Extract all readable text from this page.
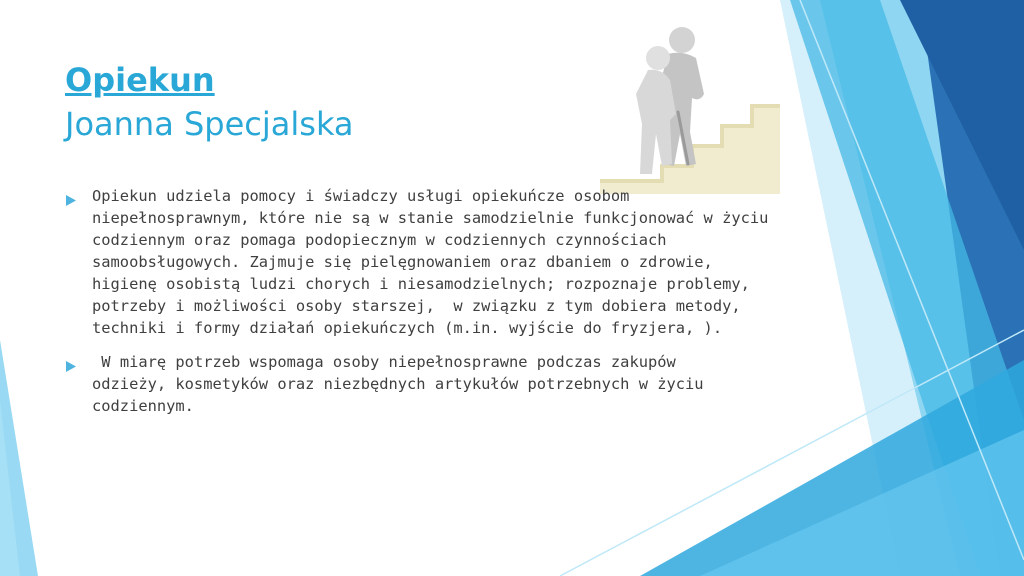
Opiekun
Joanna Specjalska
Opiekun udziela pomocy i świadczy usługi opiekuńcze osobom
niepełnosprawnym, które nie są w stanie samodzielnie funkcjonować w życiu
codziennym oraz pomaga podopiecznym w codziennych czynnościach
samoobsługowych. Zajmuje się pielęgnowaniem oraz dbaniem o zdrowie,
higienę osobistą ludzi chorych i niesamodzielnych; rozpoznaje problemy,
potrzeby i możliwości osoby starszej,  w związku z tym dobiera metody,
techniki i formy działań opiekuńczych (m.in. wyjście do fryzjera, ).
W miarę potrzeb wspomaga osoby niepełnosprawne podczas zakupów
odzieży, kosmetyków oraz niezbędnych artykułów potrzebnych w życiu
codziennym.
